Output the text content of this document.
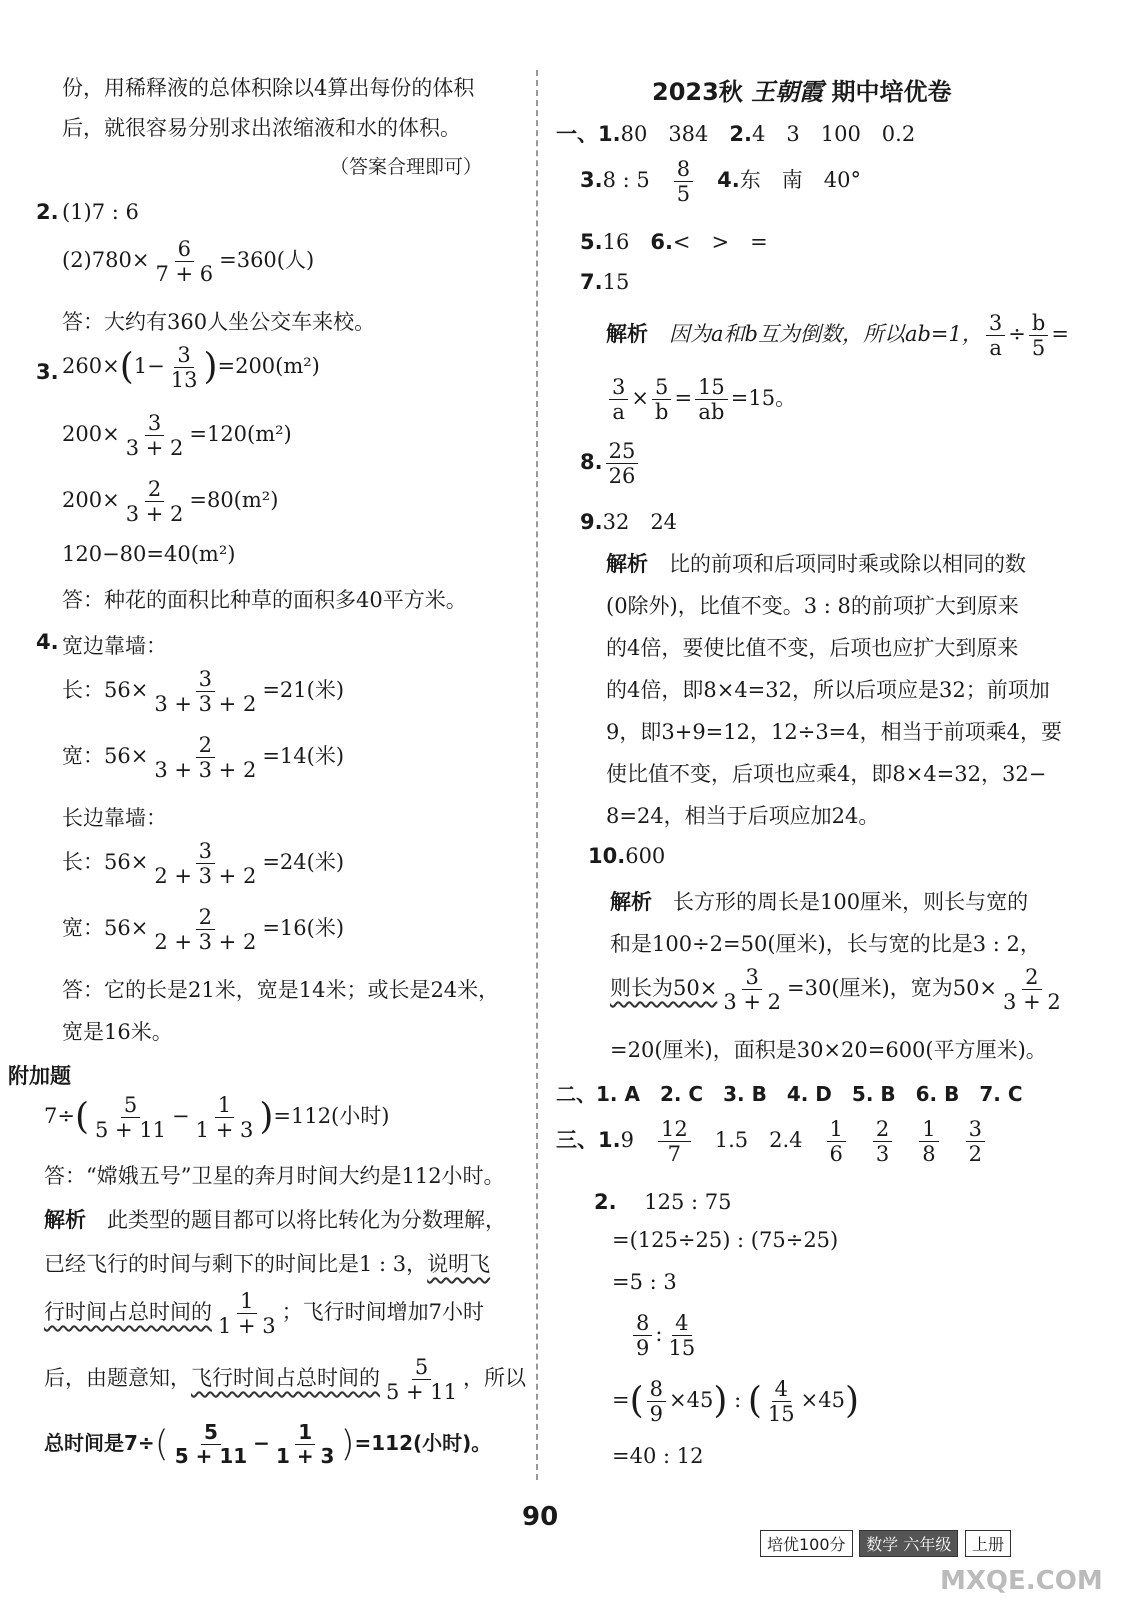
份，用稀释液的总体积除以4算出每份的体积
后，就很容易分别求出浓缩液和水的体积。
（答案合理即可）
2. (1)7 : 6
$(2)780\times \frac{6}{7 + 6} =360$(人)
答：大约有360人坐公交车来校。
3. $260\times(1- \frac{3}{13} )=200(m^2)$
$200\times \frac{3}{3 + 2} =120(m^2)$
$200\times \frac{2}{3 + 2} =80(m^2)$
120−80=40(m²)
答：种花的面积比种草的面积多40平方米。
4. 宽边靠墙：
长：$56\times \frac{3}{3 + 3 + 2} =21$(米)
宽：$56\times \frac{2}{3 + 3 + 2} =14$(米)
长边靠墙：
长：$56\times \frac{3}{2 + 3 + 2} =24$(米)
宽：$56\times \frac{2}{2 + 3 + 2} =16$(米)
答：它的长是21米，宽是14米；或长是24米，
宽是16米。
附加题
$7\div( \frac{5}{5 + 11} - \frac{1}{1 + 3} )=112$(小时)
答：“嫦娥五号”卫星的奔月时间大约是112小时。
解析　 此类型的题目都可以将比转化为分数理解，
已经飞行的时间与剩下的时间比是1 : 3，说明飞
行时间占总时间的 $\frac{1}{1 + 3}$ ；飞行时间增加7小时
后，由题意知，飞行时间占总时间的 $\frac{5}{5 + 11}$ ，所以
总时间是$7\div( \frac{5}{5 + 11} - \frac{1}{1 + 3} )=112$(小时)。
2023秋 王朝霞 期中培优卷
一、1.80　384　 2.4　3　100　0.2
3.8 : 5　 $\frac{8}{5}$
　 4.东　南　40°
5.16　 6.<　>　=
7.15
解析　 因为a和b互为倒数，所以ab=1， $\frac{3}{a} \div \frac{b}{5}$ =
$\frac{3}{a} \times \frac{5}{b} = \frac{15}{ab} =15$。
8. $\frac{25}{26}$
9.32　24
解析　 比的前项和后项同时乘或除以相同的数
(0除外)，比值不变。3 : 8的前项扩大到原来
的4倍，要使比值不变，后项也应扩大到原来
的4倍，即8×4=32，所以后项应是32；前项加
9，即3+9=12，12÷3=4，相当于前项乘4，要
使比值不变，后项也应乘4，即8×4=32，32−
8=24，相当于后项应加24。
10.600
解析　 长方形的周长是100厘米，则长与宽的
和是100÷2=50(厘米)，长与宽的比是3 : 2，
则长为$50\times \frac{3}{3 + 2} =30$(厘米)，宽为$50\times \frac{2}{3 + 2}$
=20(厘米)，面积是30×20=600(平方厘米)。
二、1. A　2. C　3. B　4. D　5. B　6. B　7. C
三、1.9　 $\frac{12}{7}$
　 1.5　2.4　 $\frac{1}{6}$
　 $\frac{2}{3}$
　 $\frac{1}{8}$
　 $\frac{3}{2}$
2.　 125 : 75
=(125÷25) : (75÷25)
=5 : 3
$\frac{8}{9}$ : $\frac{4}{15}$
=( $\frac{8}{9} \times 45$) : ( $\frac{4}{15} \times 45$)
=40 : 12
90
培优100分 数学 六年级 上册
MXQE.COM
